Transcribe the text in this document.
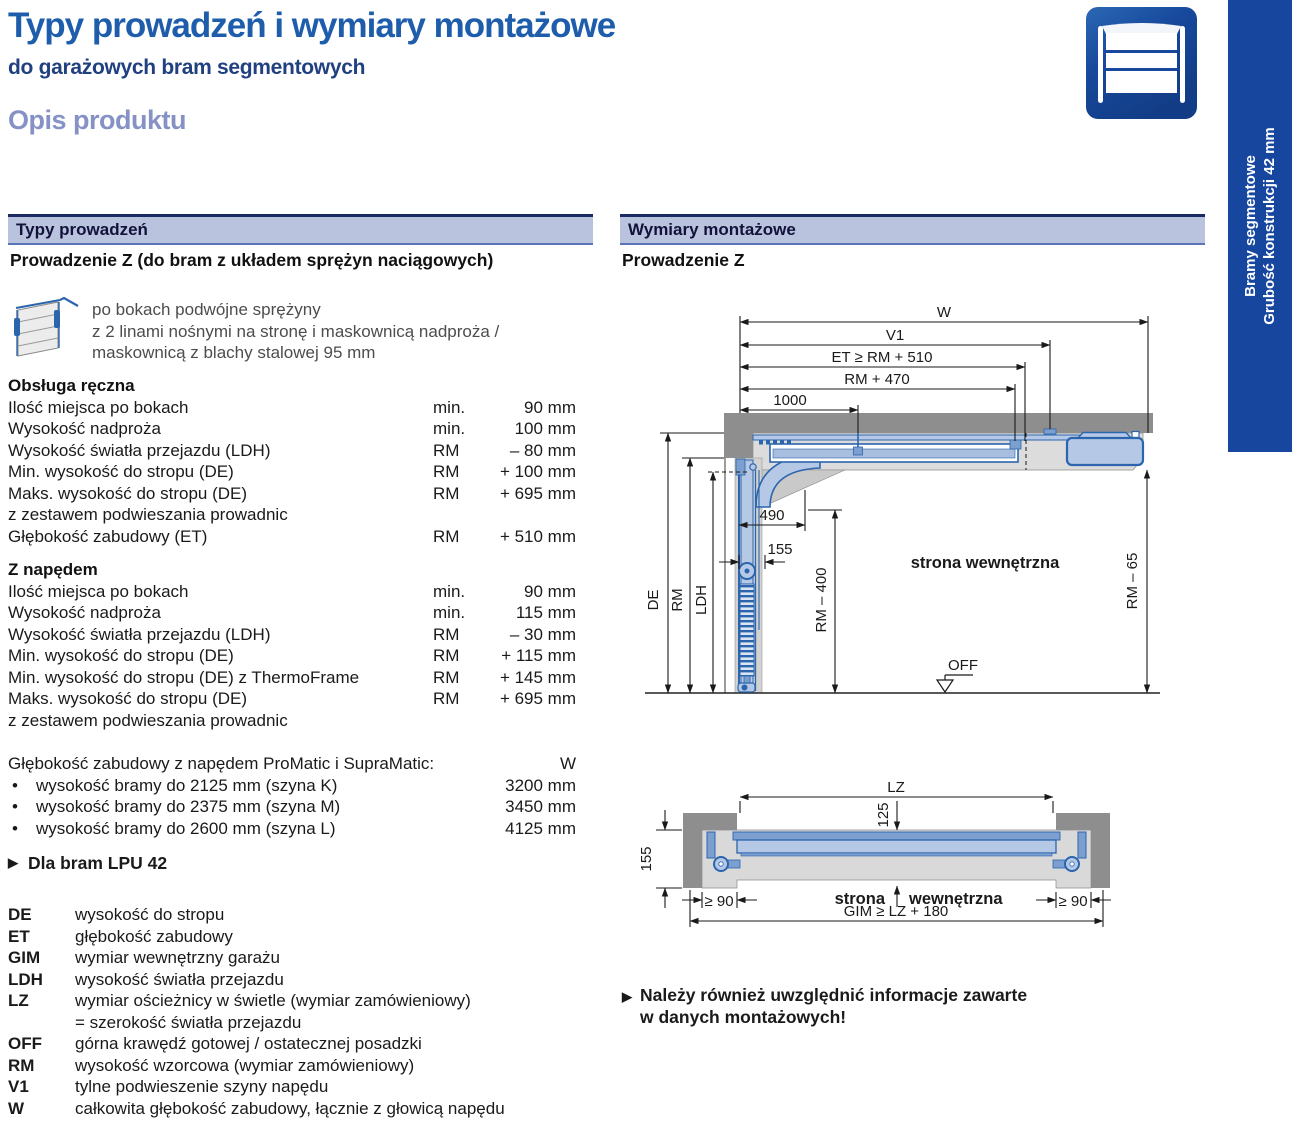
Typy prowadzeń i wymiary montażowe
do garażowych bram segmentowych
Opis produktu
Bramy segmentowe Grubość konstrukcji 42 mm
Typy prowadzeń
Prowadzenie Z (do bram z układem sprężyn naciągowych)
po bokach podwójne sprężyny
z 2 linami nośnymi na stronę i maskownicą nadproża /
maskownicą z blachy stalowej 95 mm
Obsługa ręczna
Ilość miejsca po bokach	min.	90 mm
Wysokość nadproża	min.	100 mm
Wysokość światła przejazdu (LDH)	RM	– 80 mm
Min. wysokość do stropu (DE)	RM	+ 100 mm
Maks. wysokość do stropu (DE)	RM	+ 695 mm
z zestawem podwieszania prowadnic
Głębokość zabudowy (ET)	RM	+ 510 mm
Z napędem
Ilość miejsca po bokach	min.	90 mm
Wysokość nadproża	min.	115 mm
Wysokość światła przejazdu (LDH)	RM	– 30 mm
Min. wysokość do stropu (DE)	RM	+ 115 mm
Min. wysokość do stropu (DE) z ThermoFrame	RM	+ 145 mm
Maks. wysokość do stropu (DE)	RM	+ 695 mm
z zestawem podwieszania prowadnic
Głębokość zabudowy z napędem ProMatic i SupraMatic:	W
•	wysokość bramy do 2125 mm (szyna K)	3200 mm
•	wysokość bramy do 2375 mm (szyna M)	3450 mm
•	wysokość bramy do 2600 mm (szyna L)	4125 mm
▶ Dla bram LPU 42
DE	wysokość do stropu
ET	głębokość zabudowy
GIM	wymiar wewnętrzny garażu
LDH	wysokość światła przejazdu
LZ	wymiar ościeżnicy w świetle (wymiar zamówieniowy)
= szerokość światła przejazdu
OFF	górna krawędź gotowej / ostatecznej posadzki
RM	wysokość wzorcowa (wymiar zamówieniowy)
V1	tylne podwieszenie szyny napędu
W	całkowita głębokość zabudowy, łącznie z głowicą napędu
Wymiary montażowe
Prowadzenie Z
W
V1
ET ≥ RM + 510
RM + 470
1000
490
155
DE RM LDH	RM – 400	RM – 65
OFF
strona wewnętrzna
LZ
125
155
≥ 90	≥ 90
strona wewnętrzna
GIM ≥ LZ + 180
▶ Należy również uwzględnić informacje zawarte
w danych montażowych!
